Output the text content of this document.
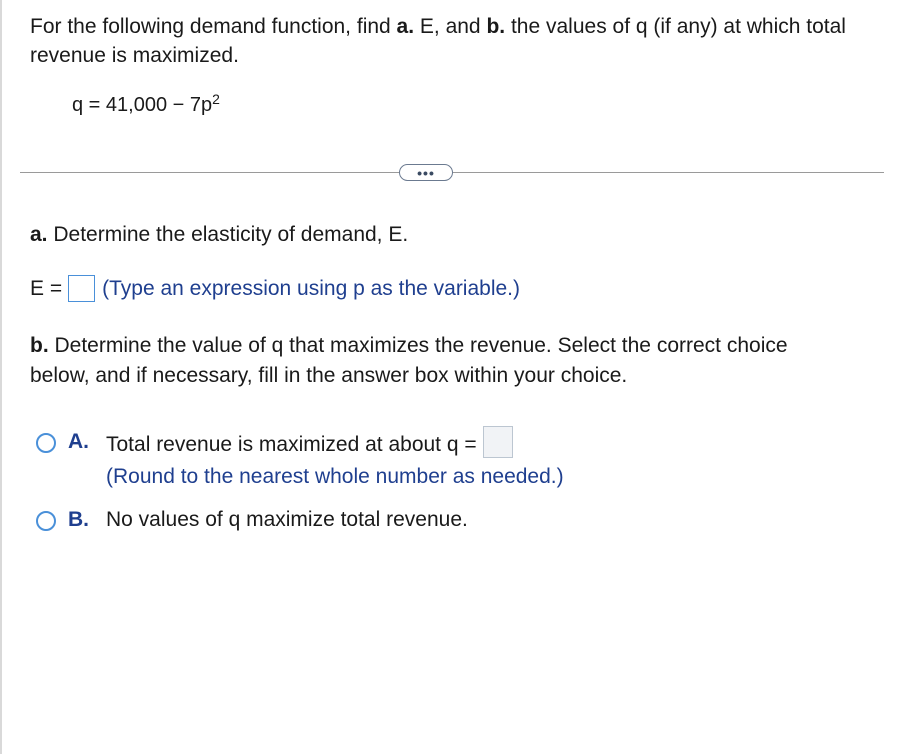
For the following demand function, find a. E, and b. the values of q (if any) at which total revenue is maximized.
$q = 41,000 - 7p^2$
•••
a. Determine the elasticity of demand, E.
E = (Type an expression using p as the variable.)
b. Determine the value of q that maximizes the revenue. Select the correct choice below, and if necessary, fill in the answer box within your choice.
A. Total revenue is maximized at about q =
(Round to the nearest whole number as needed.)
B. No values of q maximize total revenue.
